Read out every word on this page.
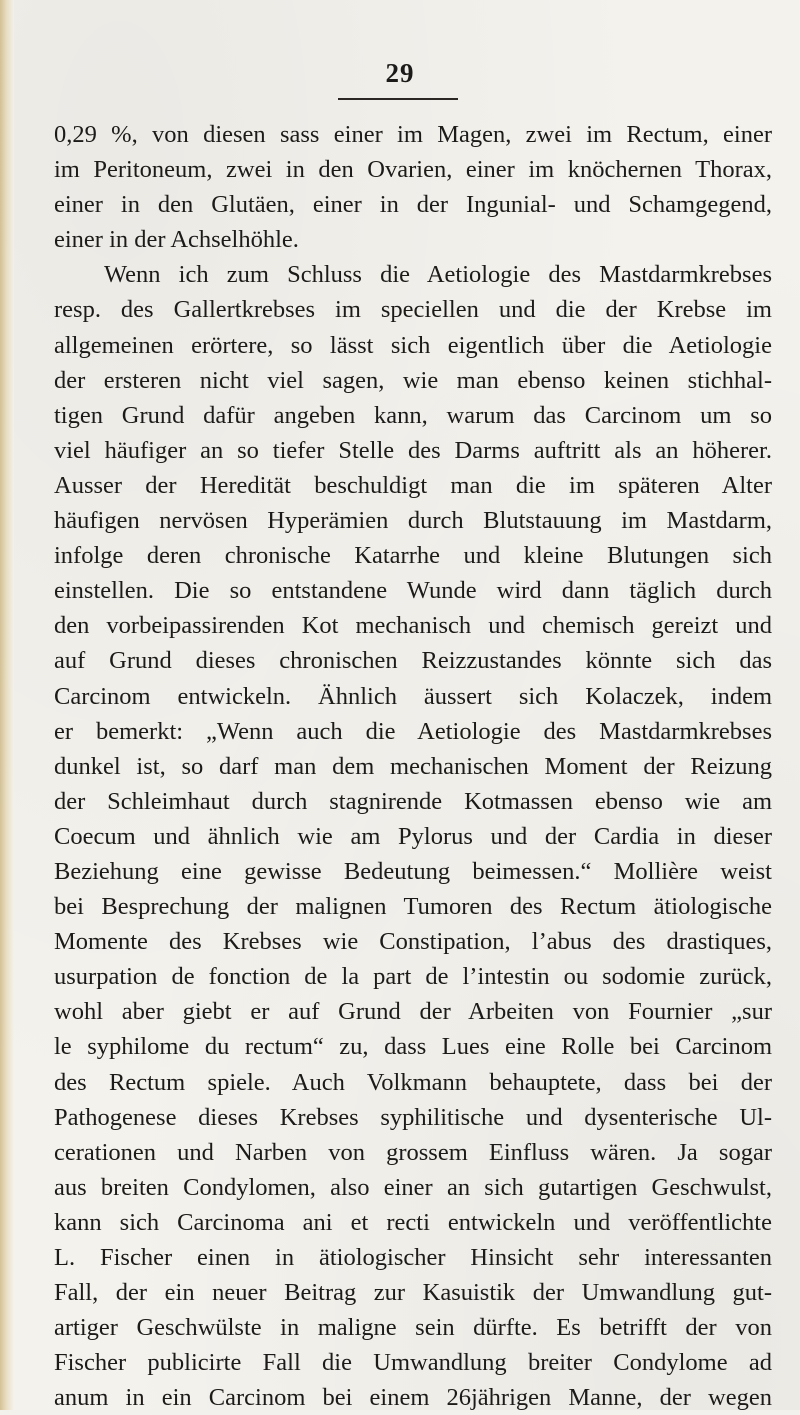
29
0,29 %, von diesen sass einer im Magen, zwei im Rectum, einer
im Peritoneum, zwei in den Ovarien, einer im knöchernen Thorax,
einer in den Glutäen, einer in der Ingunial- und Schamgegend,
einer in der Achselhöhle.
Wenn ich zum Schluss die Aetiologie des Mastdarmkrebses
resp. des Gallertkrebses im speciellen und die der Krebse im
allgemeinen erörtere, so lässt sich eigentlich über die Aetiologie
der ersteren nicht viel sagen, wie man ebenso keinen stichhal-
tigen Grund dafür angeben kann, warum das Carcinom um so
viel häufiger an so tiefer Stelle des Darms auftritt als an höherer.
Ausser der Heredität beschuldigt man die im späteren Alter
häufigen nervösen Hyperämien durch Blutstauung im Mastdarm,
infolge deren chronische Katarrhe und kleine Blutungen sich
einstellen. Die so entstandene Wunde wird dann täglich durch
den vorbeipassirenden Kot mechanisch und chemisch gereizt und
auf Grund dieses chronischen Reizzustandes könnte sich das
Carcinom entwickeln. Ähnlich äussert sich Kolaczek, indem
er bemerkt: „Wenn auch die Aetiologie des Mastdarmkrebses
dunkel ist, so darf man dem mechanischen Moment der Reizung
der Schleimhaut durch stagnirende Kotmassen ebenso wie am
Coecum und ähnlich wie am Pylorus und der Cardia in dieser
Beziehung eine gewisse Bedeutung beimessen.“ Mollière weist
bei Besprechung der malignen Tumoren des Rectum ätiologische
Momente des Krebses wie Constipation, l’abus des drastiques,
usurpation de fonction de la part de l’intestin ou sodomie zurück,
wohl aber giebt er auf Grund der Arbeiten von Fournier „sur
le syphilome du rectum“ zu, dass Lues eine Rolle bei Carcinom
des Rectum spiele. Auch Volkmann behauptete, dass bei der
Pathogenese dieses Krebses syphilitische und dysenterische Ul-
cerationen und Narben von grossem Einfluss wären. Ja sogar
aus breiten Condylomen, also einer an sich gutartigen Geschwulst,
kann sich Carcinoma ani et recti entwickeln und veröffentlichte
L. Fischer einen in ätiologischer Hinsicht sehr interessanten
Fall, der ein neuer Beitrag zur Kasuistik der Umwandlung gut-
artiger Geschwülste in maligne sein dürfte. Es betrifft der von
Fischer publicirte Fall die Umwandlung breiter Condylome ad
anum in ein Carcinom bei einem 26jährigen Manne, der wegen
